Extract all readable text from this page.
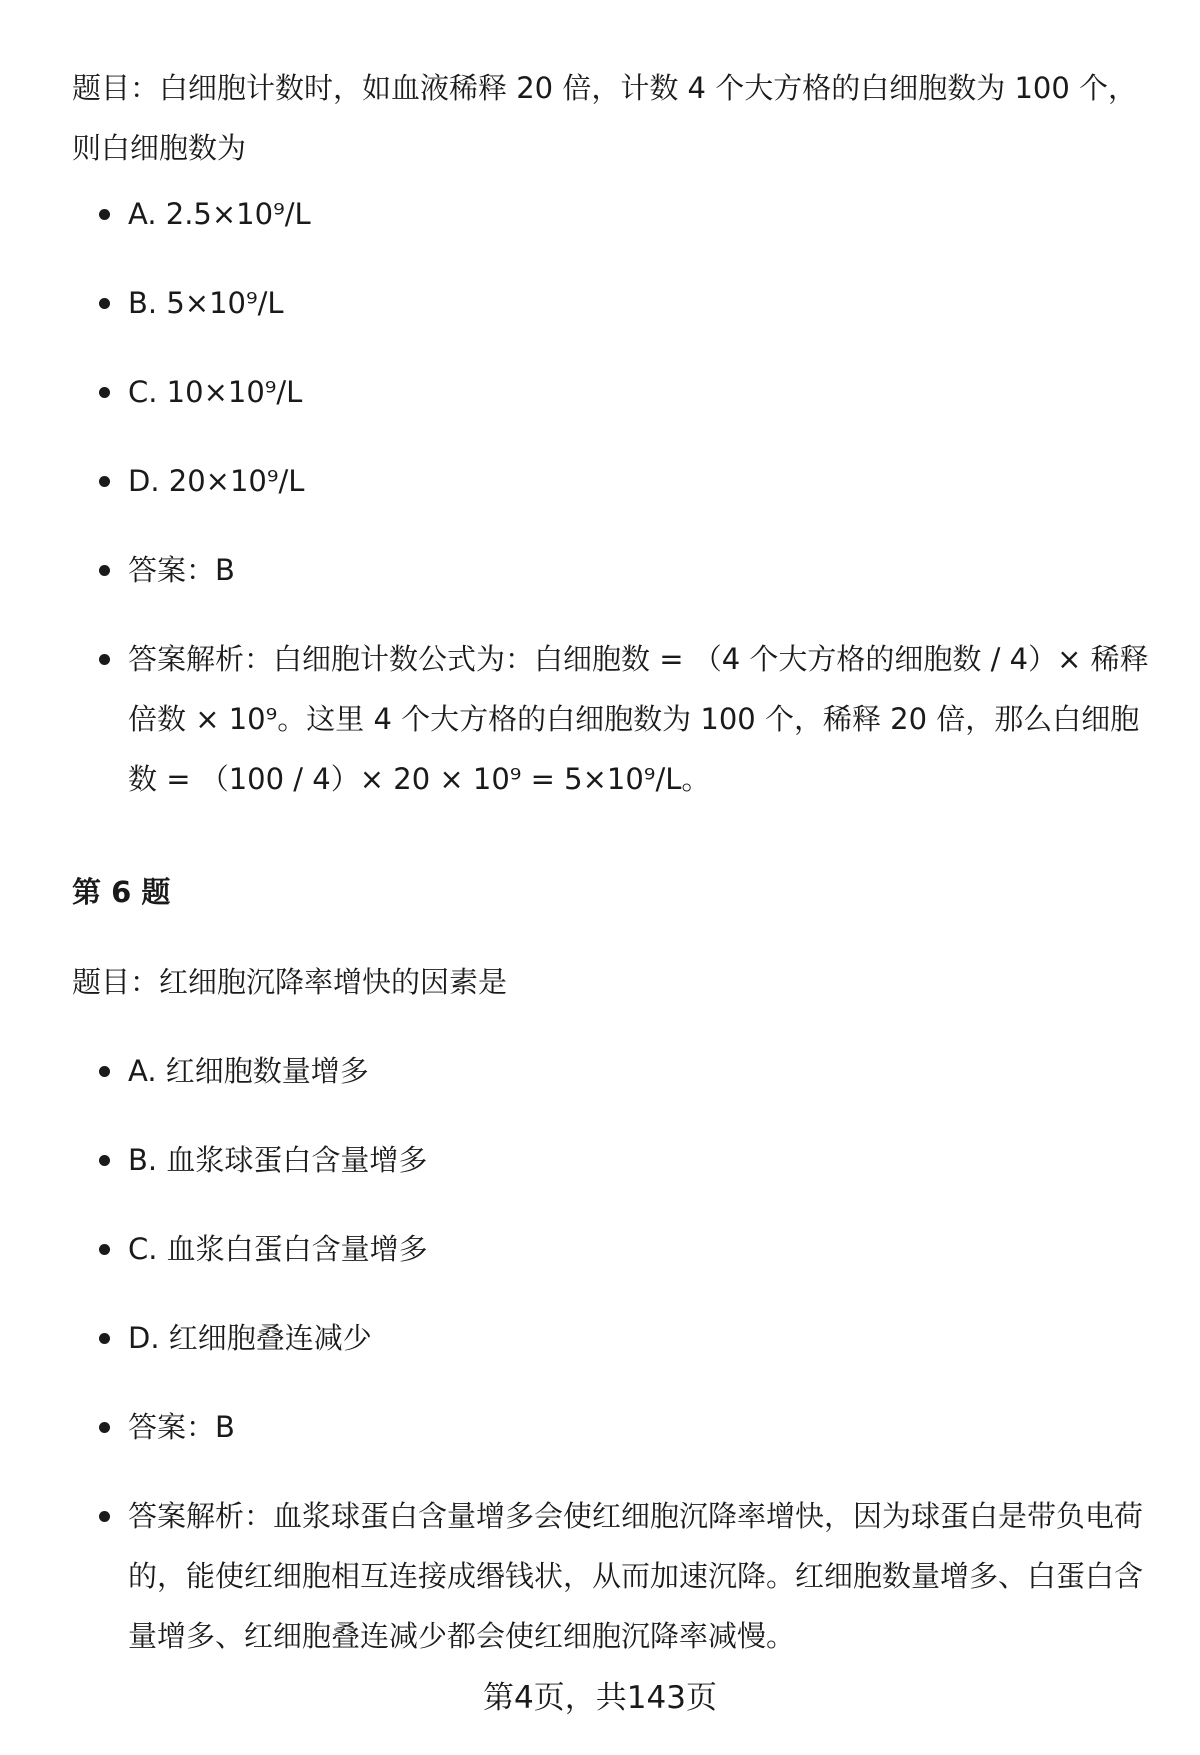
题目：白细胞计数时，如血液稀释 20 倍，计数 4 个大方格的白细胞数为 100 个，则白细胞数为

A. 2.5×10⁹/L
B. 5×10⁹/L
C. 10×10⁹/L
D. 20×10⁹/L
答案：B
答案解析：白细胞计数公式为：白细胞数 = （4 个大方格的细胞数 / 4）× 稀释倍数 × 10⁹。这里 4 个大方格的白细胞数为 100 个，稀释 20 倍，那么白细胞数 = （100 / 4）× 20 × 10⁹ = 5×10⁹/L。
第 6 题

题目：红细胞沉降率增快的因素是

A. 红细胞数量增多
B. 血浆球蛋白含量增多
C. 血浆白蛋白含量增多
D. 红细胞叠连减少
答案：B
答案解析：血浆球蛋白含量增多会使红细胞沉降率增快，因为球蛋白是带负电荷的，能使红细胞相互连接成缗钱状，从而加速沉降。红细胞数量增多、白蛋白含量增多、红细胞叠连减少都会使红细胞沉降率减慢。
第4页，共143页
